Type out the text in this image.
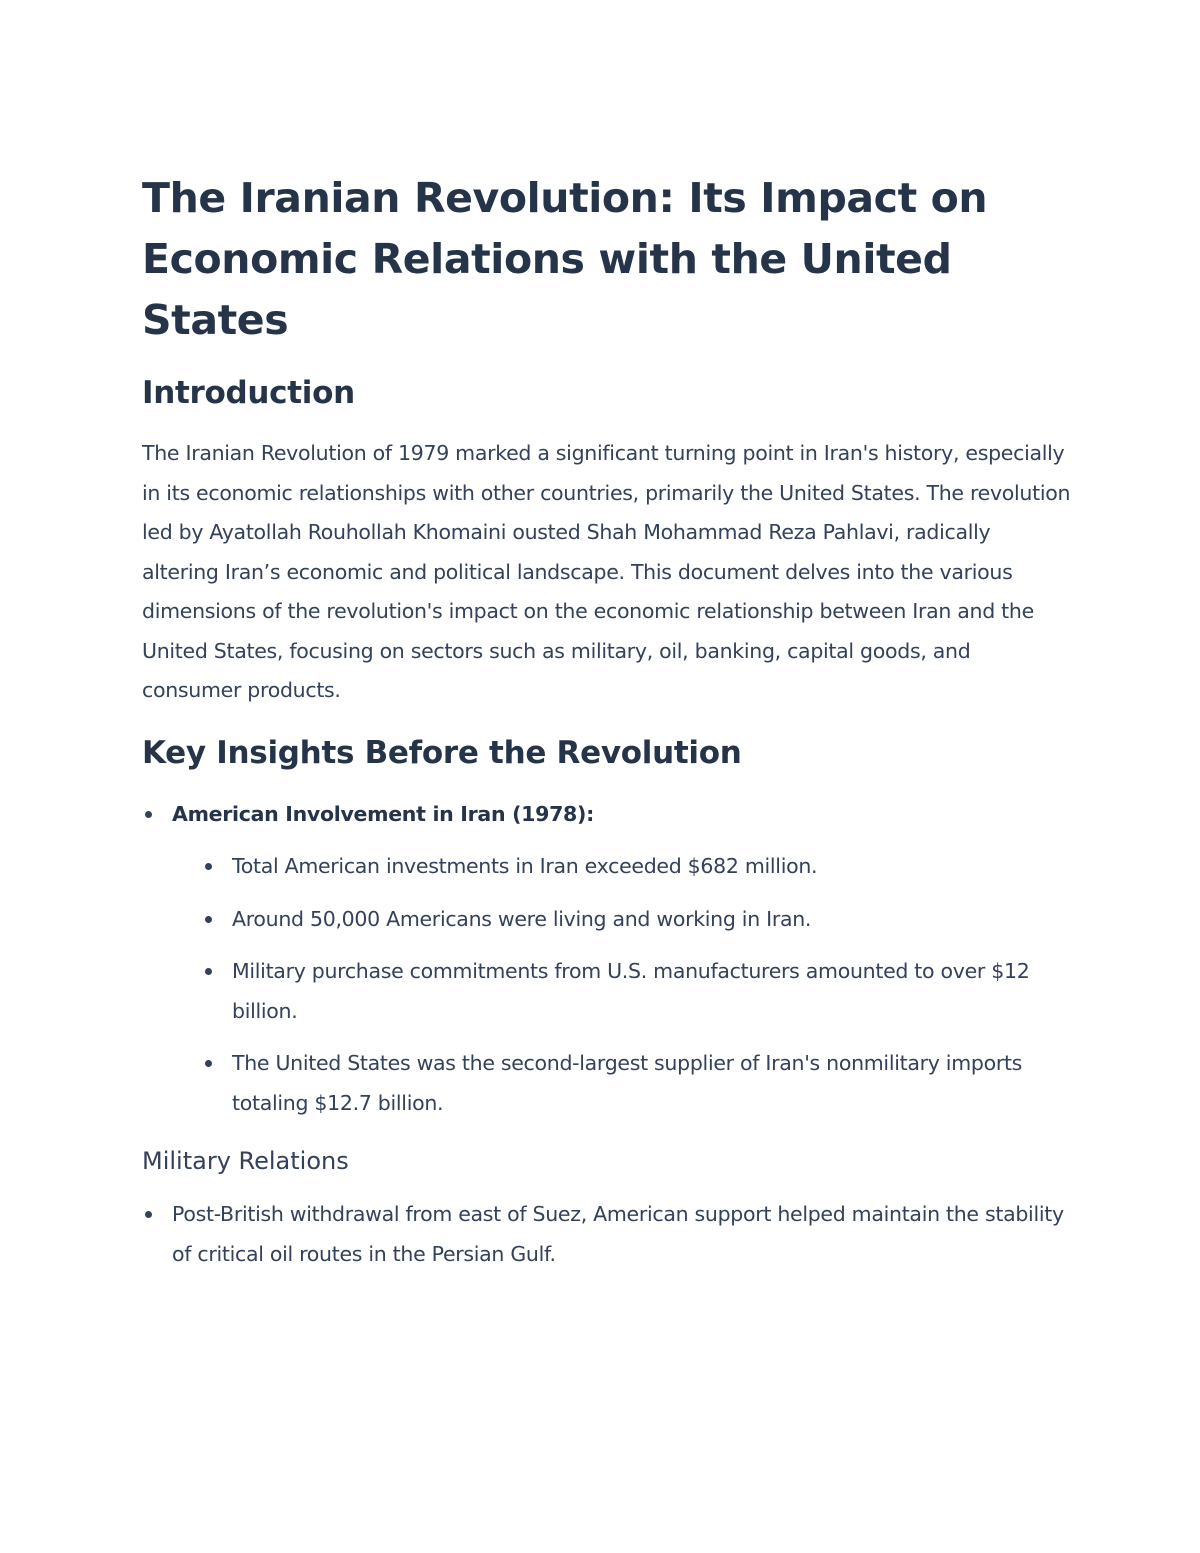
The Iranian Revolution: Its Impact on Economic Relations with the United States
Introduction

The Iranian Revolution of 1979 marked a significant turning point in Iran's history, especially in its economic relationships with other countries, primarily the United States. The revolution led by Ayatollah Rouhollah Khomaini ousted Shah Mohammad Reza Pahlavi, radically altering Iran’s economic and political landscape. This document delves into the various dimensions of the revolution's impact on the economic relationship between Iran and the United States, focusing on sectors such as military, oil, banking, capital goods, and consumer products.

Key Insights Before the Revolution
American Involvement in Iran (1978):
Total American investments in Iran exceeded $682 million.
Around 50,000 Americans were living and working in Iran.
Military purchase commitments from U.S. manufacturers amounted to over $12 billion.
The United States was the second-largest supplier of Iran's nonmilitary imports totaling $12.7 billion.
Military Relations
Post-British withdrawal from east of Suez, American support helped maintain the stability of critical oil routes in the Persian Gulf.
